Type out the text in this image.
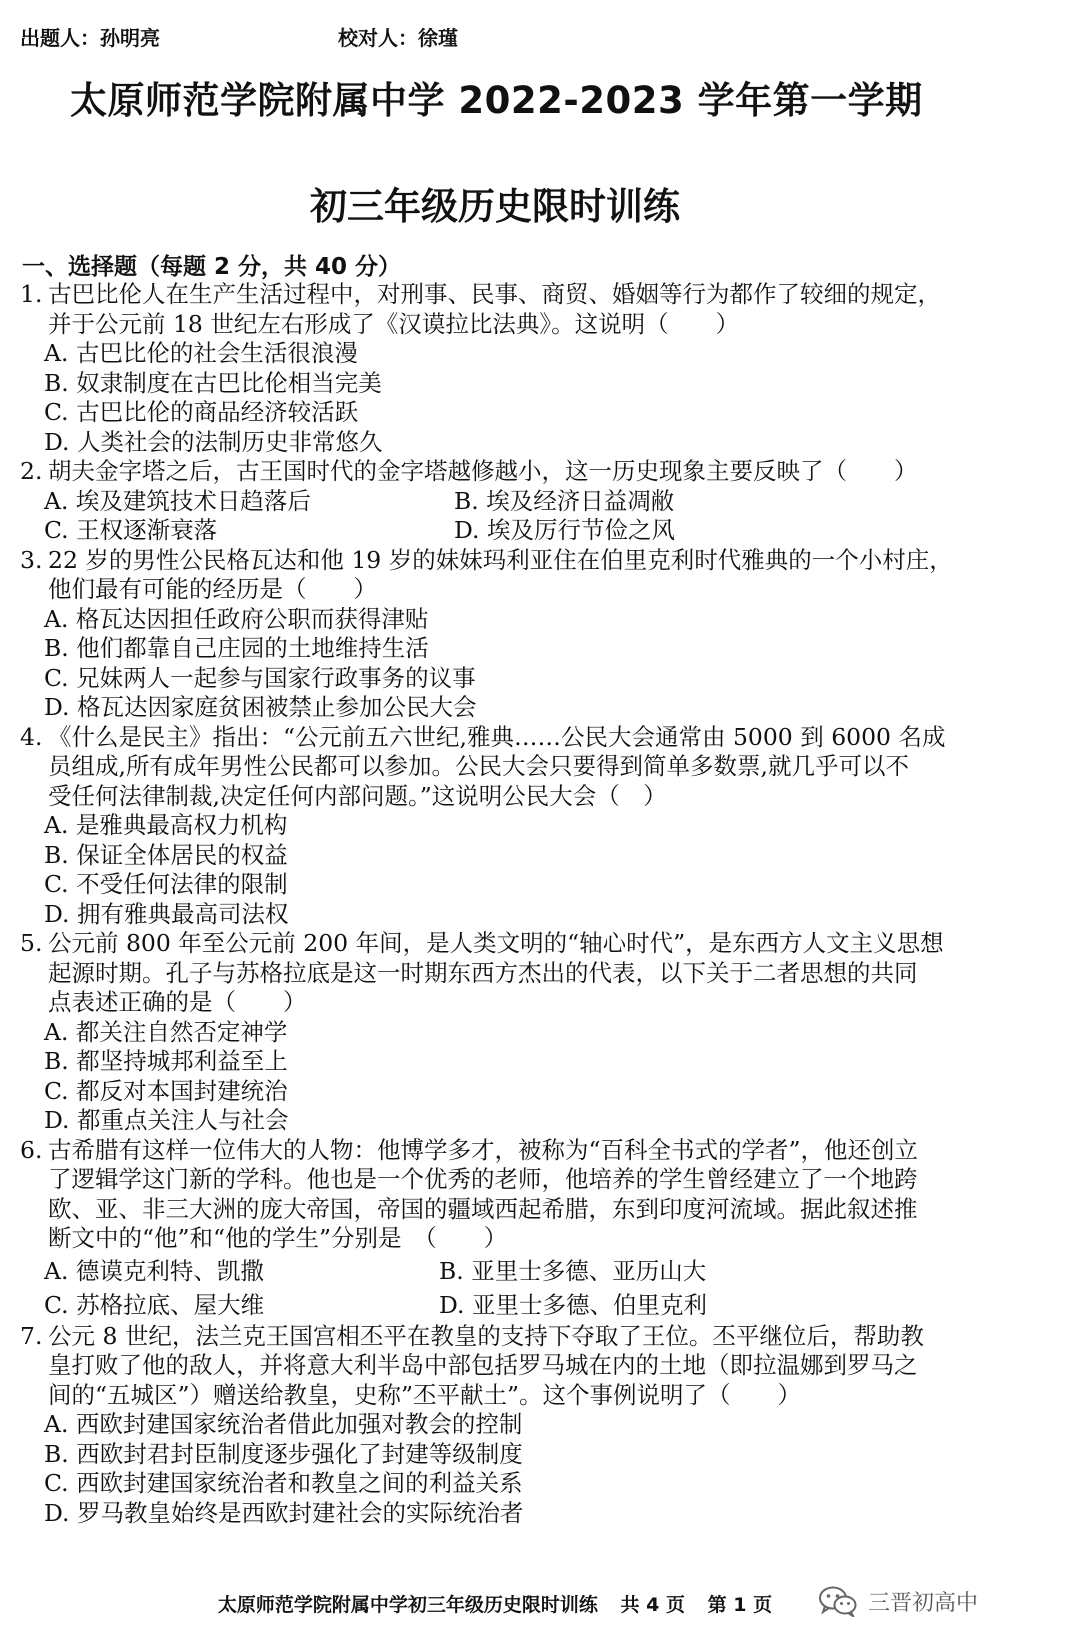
出题人：孙明亮	校对人：徐瑾
太原师范学院附属中学 2022-2023 学年第一学期
初三年级历史限时训练
一、选择题（每题 2 分，共 40 分）
1. 古巴比伦人在生产生活过程中，对刑事、民事、商贸、婚姻等行为都作了较细的规定，
并于公元前 18 世纪左右形成了《汉谟拉比法典》。这说明（　　）
A. 古巴比伦的社会生活很浪漫
B. 奴隶制度在古巴比伦相当完美
C. 古巴比伦的商品经济较活跃
D. 人类社会的法制历史非常悠久
2. 胡夫金字塔之后，古王国时代的金字塔越修越小，这一历史现象主要反映了（　　）
A. 埃及建筑技术日趋落后	B. 埃及经济日益凋敝
C. 王权逐渐衰落	D. 埃及厉行节俭之风
3. 22 岁的男性公民格瓦达和他 19 岁的妹妹玛利亚住在伯里克利时代雅典的一个小村庄，
他们最有可能的经历是（　　）
A. 格瓦达因担任政府公职而获得津贴
B. 他们都靠自己庄园的土地维持生活
C. 兄妹两人一起参与国家行政事务的议事
D. 格瓦达因家庭贫困被禁止参加公民大会
4. 《什么是民主》指出：“公元前五六世纪,雅典……公民大会通常由 5000 到 6000 名成
员组成,所有成年男性公民都可以参加。公民大会只要得到简单多数票,就几乎可以不
受任何法律制裁,决定任何内部问题。”这说明公民大会（　）
A. 是雅典最高权力机构
B. 保证全体居民的权益
C. 不受任何法律的限制
D. 拥有雅典最高司法权
5. 公元前 800 年至公元前 200 年间，是人类文明的“轴心时代”，是东西方人文主义思想
起源时期。孔子与苏格拉底是这一时期东西方杰出的代表，以下关于二者思想的共同
点表述正确的是（　　）
A. 都关注自然否定神学
B. 都坚持城邦利益至上
C. 都反对本国封建统治
D. 都重点关注人与社会
6. 古希腊有这样一位伟大的人物：他博学多才，被称为“百科全书式的学者”，他还创立
了逻辑学这门新的学科。他也是一个优秀的老师，他培养的学生曾经建立了一个地跨
欧、亚、非三大洲的庞大帝国，帝国的疆域西起希腊，东到印度河流域。据此叙述推
断文中的“他”和“他的学生”分别是　（　　）
A. 德谟克利特、凯撒	B. 亚里士多德、亚历山大
C. 苏格拉底、屋大维	D. 亚里士多德、伯里克利
7. 公元 8 世纪，法兰克王国宫相丕平在教皇的支持下夺取了王位。丕平继位后，帮助教
皇打败了他的敌人，并将意大利半岛中部包括罗马城在内的土地（即拉温娜到罗马之
间的“五城区”）赠送给教皇，史称”丕平献土”。这个事例说明了（　　）
A. 西欧封建国家统治者借此加强对教会的控制
B. 西欧封君封臣制度逐步强化了封建等级制度
C. 西欧封建国家统治者和教皇之间的利益关系
D. 罗马教皇始终是西欧封建社会的实际统治者
太原师范学院附属中学初三年级历史限时训练 共 4 页 第 1 页	三晋初高中
